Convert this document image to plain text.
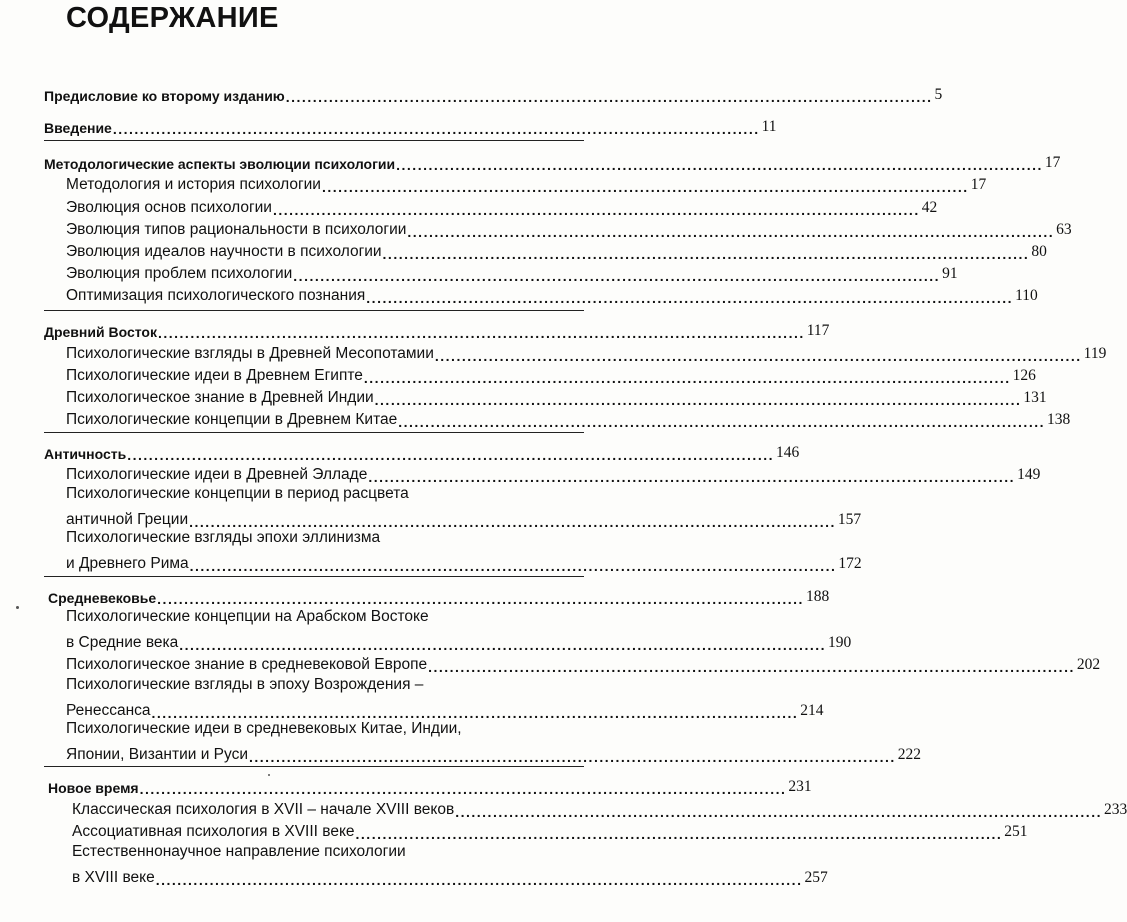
СОДЕРЖАНИЕ
Предисловие ко второму изданию ........................................................................................................................ 5
Введение ........................................................................................................................ 11
Методологические аспекты эволюции психологии ........................................................................................................................ 17
Методология и история психологии ........................................................................................................................ 17
Эволюция основ психологии ........................................................................................................................ 42
Эволюция типов рациональности в психологии ........................................................................................................................ 63
Эволюция идеалов научности в психологии ........................................................................................................................ 80
Эволюция проблем психологии ........................................................................................................................ 91
Оптимизация психологического познания ........................................................................................................................ 110
Древний Восток ........................................................................................................................ 117
Психологические взгляды в Древней Месопотамии ........................................................................................................................ 119
Психологические идеи в Древнем Египте ........................................................................................................................ 126
Психологическое знание в Древней Индии ........................................................................................................................ 131
Психологические концепции в Древнем Китае ........................................................................................................................ 138
Античность ........................................................................................................................ 146
Психологические идеи в Древней Элладе ........................................................................................................................ 149
Психологические концепции в период расцвета
античной Греции ........................................................................................................................ 157
Психологические взгляды эпохи эллинизма
и Древнего Рима ........................................................................................................................ 172
Средневековье ........................................................................................................................ 188
Психологические концепции на Арабском Востоке
в Средние века ........................................................................................................................ 190
Психологическое знание в средневековой Европе ........................................................................................................................ 202
Психологические взгляды в эпоху Возрождения –
Ренессанса ........................................................................................................................ 214
Психологические идеи в средневековых Китае, Индии,
Японии, Византии и Руси ........................................................................................................................ 222
Новое время ........................................................................................................................ 231
Классическая психология в XVII – начале XVIII веков ........................................................................................................................ 233
Ассоциативная психология в XVIII веке ........................................................................................................................ 251
Естественнонаучное направление психологии
в XVIII веке ........................................................................................................................ 257
